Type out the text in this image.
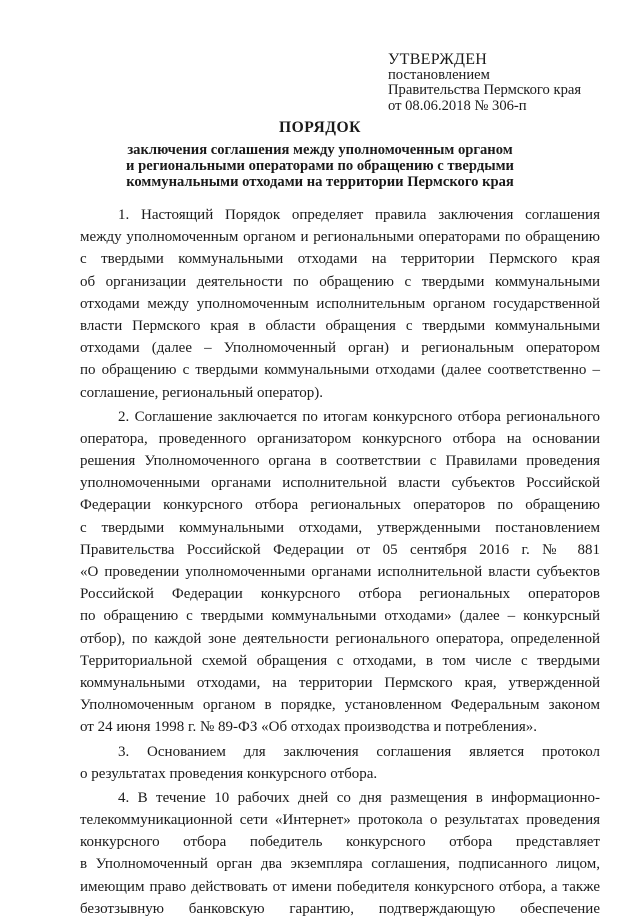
УТВЕРЖДЕН
постановлением
Правительства Пермского края
от 08.06.2018 № 306-п
ПОРЯДОК
заключения соглашения между уполномоченным органом
и региональными операторами по обращению с твердыми
коммунальными отходами на территории Пермского края
1. Настоящий Порядок определяет правила заключения соглашения
между уполномоченным органом и региональными операторами по обращению
с твердыми коммунальными отходами на территории Пермского края
об организации деятельности по обращению с твердыми коммунальными
отходами между уполномоченным исполнительным органом государственной
власти Пермского края в области обращения с твердыми коммунальными
отходами (далее – Уполномоченный орган) и региональным оператором
по обращению с твердыми коммунальными отходами (далее соответственно –
соглашение, региональный оператор).
2. Соглашение заключается по итогам конкурсного отбора регионального
оператора, проведенного организатором конкурсного отбора на основании
решения Уполномоченного органа в соответствии с Правилами проведения
уполномоченными органами исполнительной власти субъектов Российской
Федерации конкурсного отбора региональных операторов по обращению
с твердыми коммунальными отходами, утвержденными постановлением
Правительства Российской Федерации от 05 сентября 2016 г. № 881
«О проведении уполномоченными органами исполнительной власти субъектов
Российской Федерации конкурсного отбора региональных операторов
по обращению с твердыми коммунальными отходами» (далее – конкурсный
отбор), по каждой зоне деятельности регионального оператора, определенной
Территориальной схемой обращения с отходами, в том числе с твердыми
коммунальными отходами, на территории Пермского края, утвержденной
Уполномоченным органом в порядке, установленном Федеральным законом
от 24 июня 1998 г. № 89-ФЗ «Об отходах производства и потребления».
3. Основанием для заключения соглашения является протокол
о результатах проведения конкурсного отбора.
4. В течение 10 рабочих дней со дня размещения в информационно-
телекоммуникационной сети «Интернет» протокола о результатах проведения
конкурсного отбора победитель конкурсного отбора представляет
в Уполномоченный орган два экземпляра соглашения, подписанного лицом,
имеющим право действовать от имени победителя конкурсного отбора, а также
безотзывную банковскую гарантию, подтверждающую обеспечение
